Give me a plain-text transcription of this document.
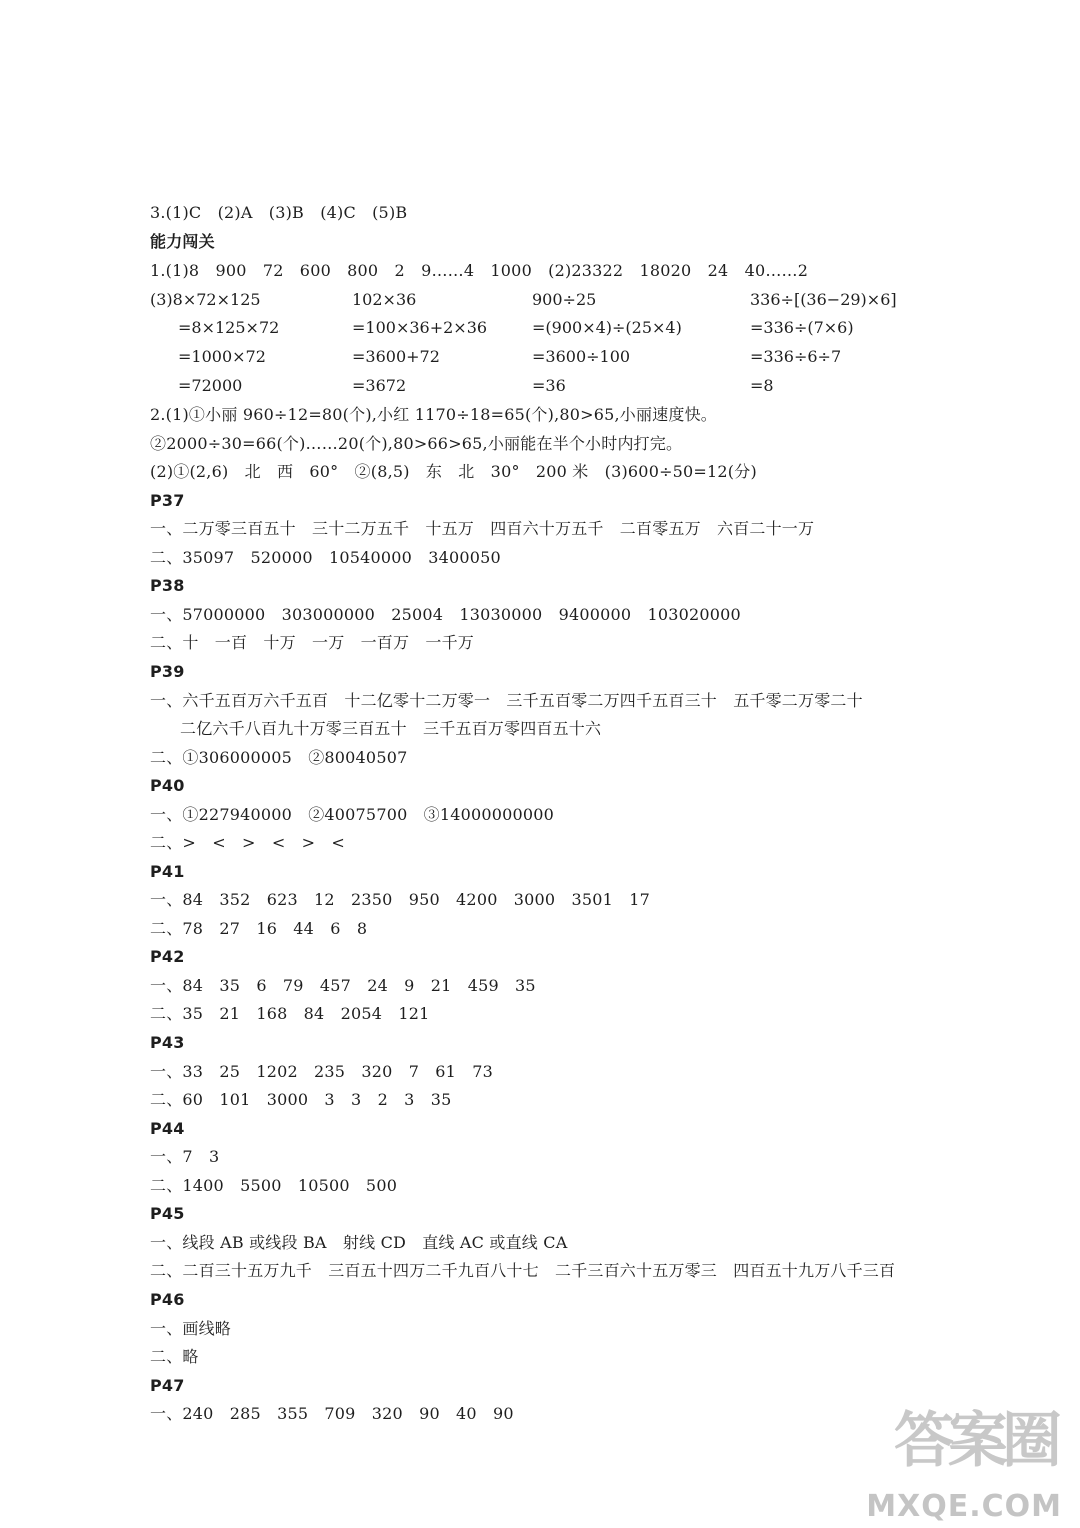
3.(1)C　(2)A　(3)B　(4)C　(5)B
能力闯关
1.(1)8　900　72　600　800　2　9……4　1000　(2)23322　18020　24　40……2
(3)8×72×125	102×36	900÷25	336÷[(36−29)×6]
=8×125×72	=100×36+2×36	=(900×4)÷(25×4)	=336÷(7×6)
=1000×72	=3600+72	=3600÷100	=336÷6÷7
=72000	=3672	=36	=8
2.(1)①小丽 960÷12=80(个),小红 1170÷18=65(个),80>65,小丽速度快。
②2000÷30=66(个)……20(个),80>66>65,小丽能在半个小时内打完。
(2)①(2,6)　北　西　60°　②(8,5)　东　北　30°　200 米　(3)600÷50=12(分)
P37
一、二万零三百五十　三十二万五千　十五万　四百六十万五千　二百零五万　六百二十一万
二、35097　520000　10540000　3400050
P38
一、57000000　303000000　25004　13030000　9400000　103020000
二、十　一百　十万　一万　一百万　一千万
P39
一、六千五百万六千五百　十二亿零十二万零一　三千五百零二万四千五百三十　五千零二万零二十
二亿六千八百九十万零三百五十　三千五百万零四百五十六
二、①306000005　②80040507
P40
一、①227940000　②40075700　③14000000000
二、>　<　>　<　>　<
P41
一、84　352　623　12　2350　950　4200　3000　3501　17
二、78　27　16　44　6　8
P42
一、84　35　6　79　457　24　9　21　459　35
二、35　21　168　84　2054　121
P43
一、33　25　1202　235　320　7　61　73
二、60　101　3000　3　3　2　3　35
P44
一、7　3
二、1400　5500　10500　500
P45
一、线段 AB 或线段 BA　射线 CD　直线 AC 或直线 CA
二、二百三十五万九千　三百五十四万二千九百八十七　二千三百六十五万零三　四百五十九万八千三百
P46
一、画线略
二、略
P47
一、240　285　355　709　320　90　40　90	答案圈
MXQE.COM
